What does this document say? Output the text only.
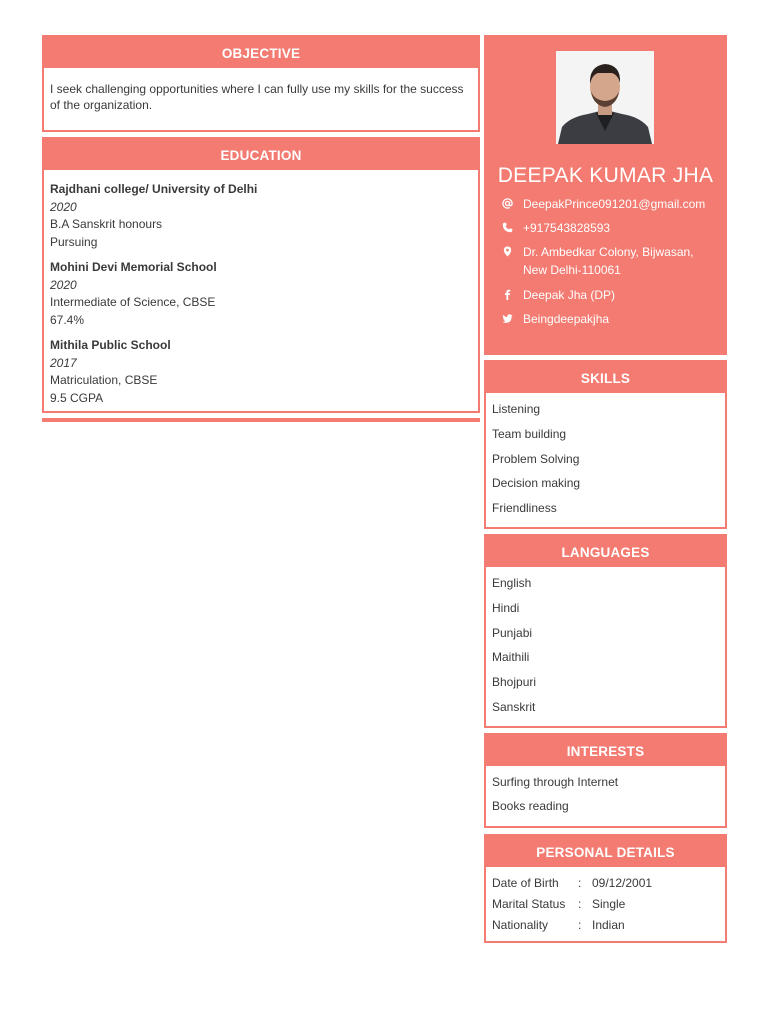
OBJECTIVE
I seek challenging opportunities where I can fully use my skills for the success of the organization.
EDUCATION
Rajdhani college/ University of Delhi
2020
B.A Sanskrit honours
Pursuing
Mohini Devi Memorial School
2020
Intermediate of Science, CBSE
67.4%
Mithila Public School
2017
Matriculation, CBSE
9.5 CGPA
DEEPAK KUMAR JHA
DeepakPrince091201@gmail.com
+917543828593
Dr. Ambedkar Colony, Bijwasan, New Delhi-110061
Deepak Jha (DP)
Beingdeepakjha
SKILLS
Listening
Team building
Problem Solving
Decision making
Friendliness
LANGUAGES
English
Hindi
Punjabi
Maithili
Bhojpuri
Sanskrit
INTERESTS
Surfing through Internet
Books reading
PERSONAL DETAILS
Date of Birth	: 09/12/2001
Marital Status	: Single
Nationality	: Indian
